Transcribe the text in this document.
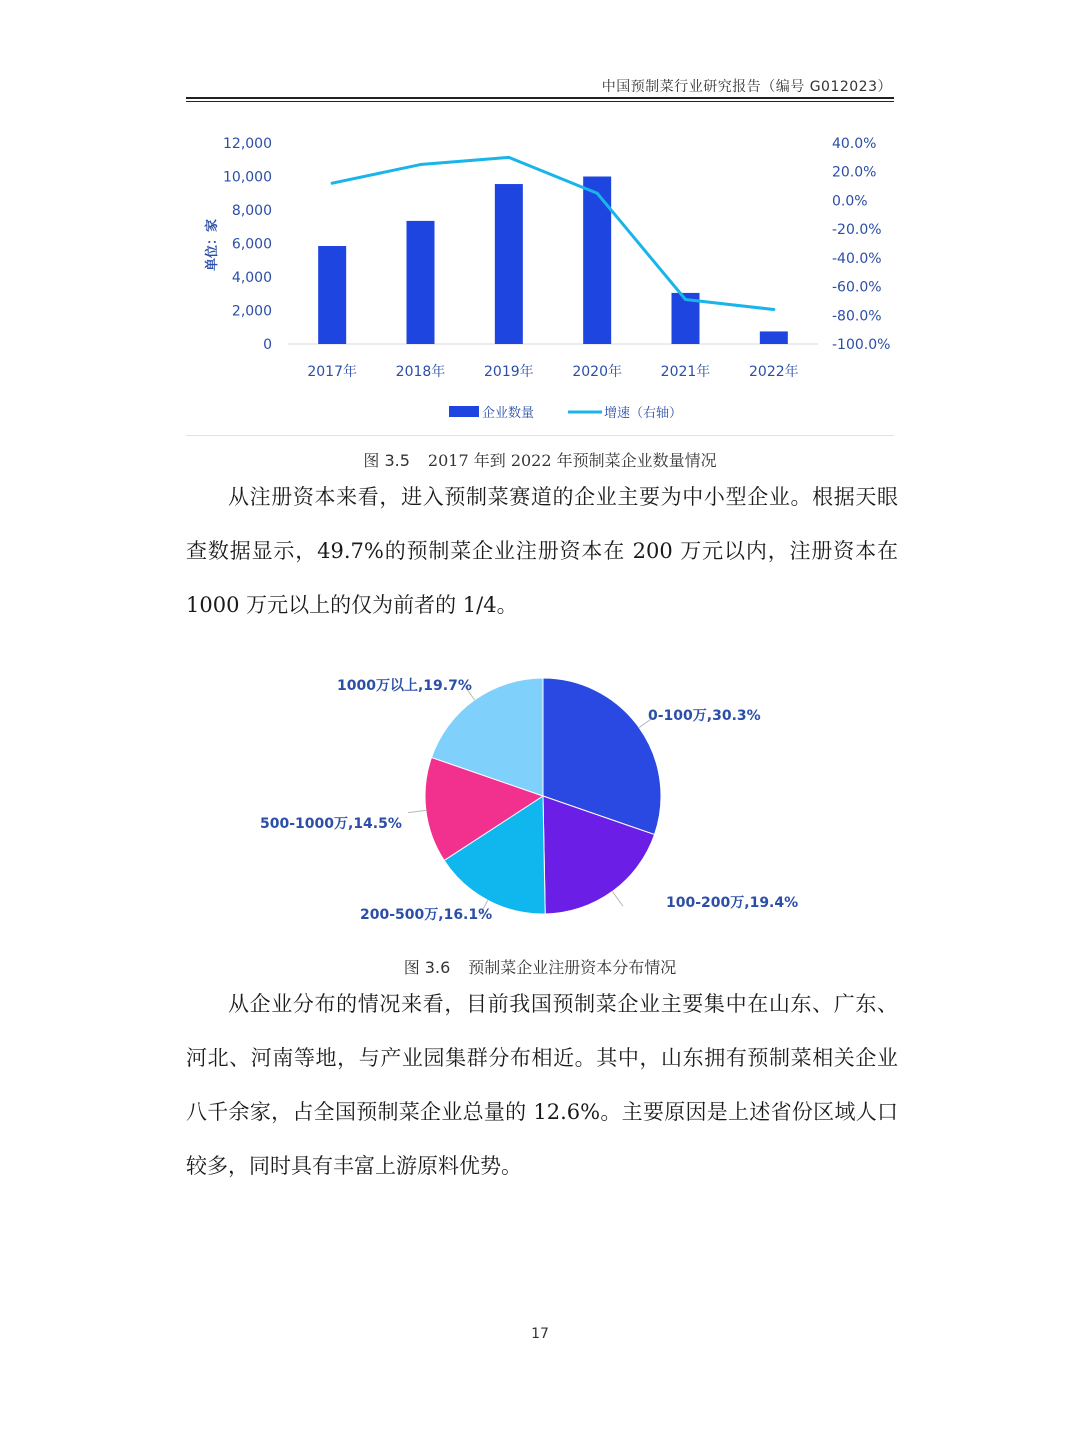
中国预制菜行业研究报告（编号 G012023）
12,000
10,000
8,000
6,000
4,000
2,000
0
40.0%
20.0%
0.0%
-20.0%
-40.0%
-60.0%
-80.0%
-100.0%
单位：家
2017年	2018年	2019年	2020年	2021年	2022年
企业数量	增速（右轴）
图 3.5 2017 年到 2022 年预制菜企业数量情况

从注册资本来看，进入预制菜赛道的企业主要为中小型企业。根据天眼查数据显示，49.7%的预制菜企业注册资本在 200 万元以内，注册资本在 1000 万元以上的仅为前者的 1/4。

0-100万,30.3%
100-200万,19.4%
200-500万,16.1%
500-1000万,14.5%
1000万以上,19.7%
图 3.6 预制菜企业注册资本分布情况

从企业分布的情况来看，目前我国预制菜企业主要集中在山东、广东、河北、河南等地，与产业园集群分布相近。其中，山东拥有预制菜相关企业八千余家，占全国预制菜企业总量的 12.6%。主要原因是上述省份区域人口较多，同时具有丰富上游原料优势。

17
